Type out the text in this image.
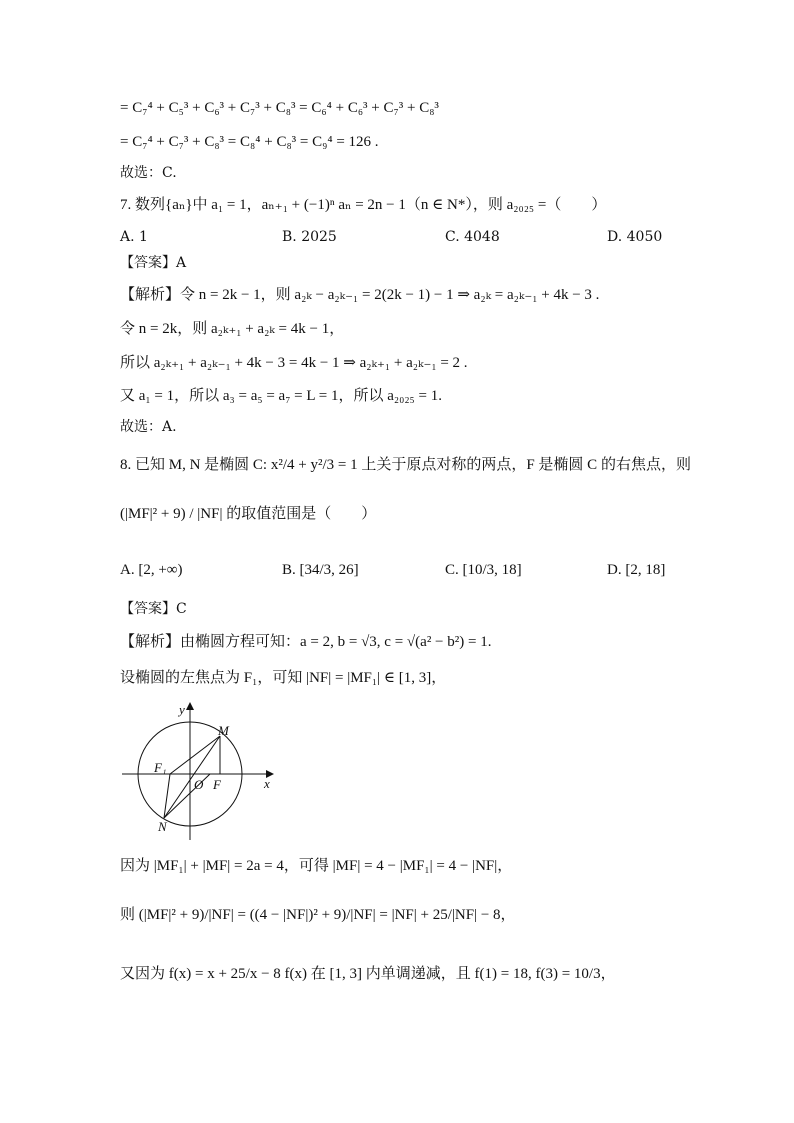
= C₇⁴ + C₅³ + C₆³ + C₇³ + C₈³ = C₆⁴ + C₆³ + C₇³ + C₈³
= C₇⁴ + C₇³ + C₈³ = C₈⁴ + C₈³ = C₉⁴ = 126 .
故选：C.
7. 数列{aₙ}中 a₁ = 1，aₙ₊₁ + (−1)ⁿ aₙ = 2n − 1（n ∈ N*），则 a₂₀₂₅ =（　　）
A. 1	B. 2025	C. 4048	D. 4050
【答案】A
【解析】令 n = 2k − 1，则 a₂ₖ − a₂ₖ₋₁ = 2(2k − 1) − 1 ⇒ a₂ₖ = a₂ₖ₋₁ + 4k − 3 .
令 n = 2k，则 a₂ₖ₊₁ + a₂ₖ = 4k − 1，
所以 a₂ₖ₊₁ + a₂ₖ₋₁ + 4k − 3 = 4k − 1 ⇒ a₂ₖ₊₁ + a₂ₖ₋₁ = 2 .
又 a₁ = 1，所以 a₃ = a₅ = a₇ = L = 1，所以 a₂₀₂₅ = 1.
故选：A.
8. 已知 M, N 是椭圆 C: x²/4 + y²/3 = 1 上关于原点对称的两点，F 是椭圆 C 的右焦点，则
(|MF|² + 9) / |NF| 的取值范围是（　　）
A. [2, +∞)	B. [34/3, 26]	C. [10/3, 18]	D. [2, 18]
【答案】C
【解析】由椭圆方程可知：a = 2, b = √3, c = √(a² − b²) = 1.
设椭圆的左焦点为 F₁，可知 |NF| = |MF₁| ∈ [1, 3]，
y
x
M
N
F₁
O F
因为 |MF₁| + |MF| = 2a = 4，可得 |MF| = 4 − |MF₁| = 4 − |NF|，
则 (|MF|² + 9)/|NF| = ((4 − |NF|)² + 9)/|NF| = |NF| + 25/|NF| − 8，
又因为 f(x) = x + 25/x − 8 f(x) 在 [1, 3] 内单调递减，且 f(1) = 18, f(3) = 10/3，
